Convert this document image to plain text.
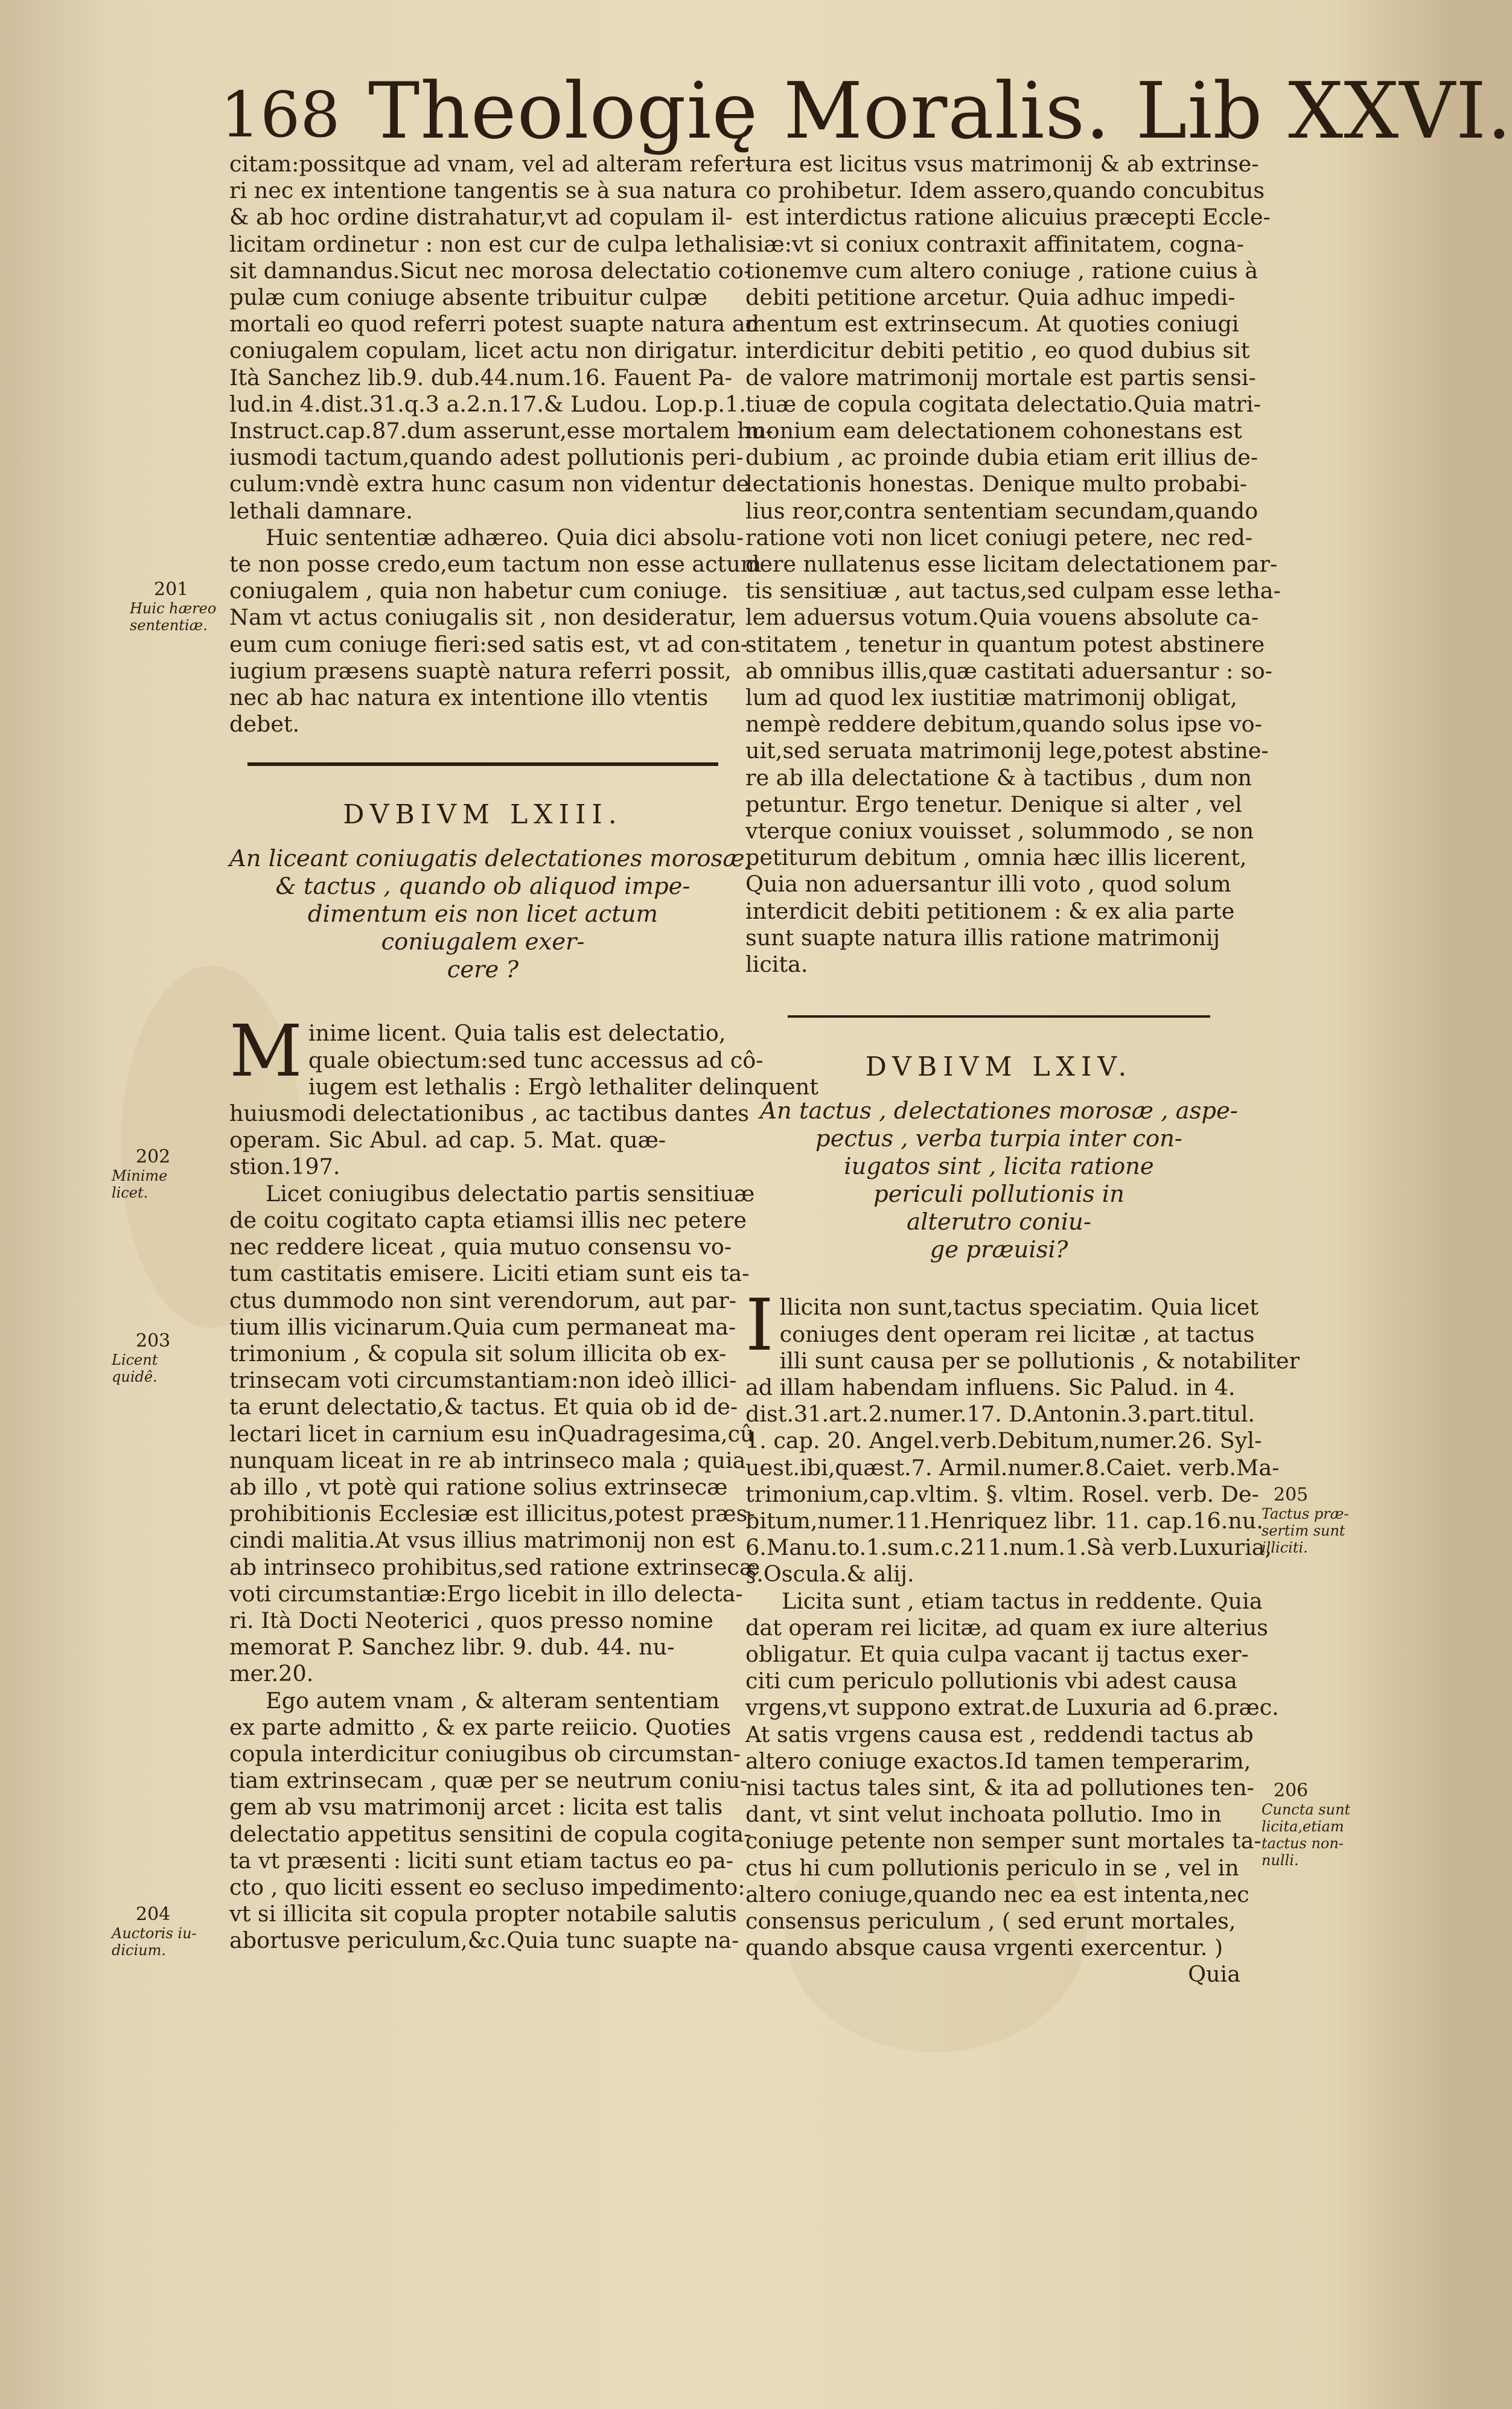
168 Theologię Moralis. Lib XXVI.
citam:possitque ad vnam, vel ad alteram refer-
ri nec ex intentione tangentis se à sua natura
& ab hoc ordine distrahatur,vt ad copulam il-
licitam ordinetur : non est cur de culpa lethali
sit damnandus.Sicut nec morosa delectatio co-
pulæ cum coniuge absente tribuitur culpæ
mortali eo quod referri potest suapte natura ad
coniugalem copulam, licet actu non dirigatur.
Ità Sanchez lib.9. dub.44.num.16. Fauent Pa-
lud.in 4.dist.31.q.3 a.2.n.17.& Ludou. Lop.p.1.
Instruct.cap.87.dum asserunt,esse mortalem hu-
iusmodi tactum,quando adest pollutionis peri-
culum:vndè extra hunc casum non videntur de
lethali damnare.
Huic sententiæ adhæreo. Quia dici absolu-
te non posse credo,eum tactum non esse actum
coniugalem , quia non habetur cum coniuge.
Nam vt actus coniugalis sit , non desideratur,
eum cum coniuge fieri:sed satis est, vt ad con-
iugium præsens suaptè natura referri possit,
nec ab hac natura ex intentione illo vtentis
debet.
DVBIVM LXIII.
An liceant coniugatis delectationes morosæ,
& tactus , quando ob aliquod impe-
dimentum eis non licet actum
coniugalem exer-
cere ?
M inime licent. Quia talis est delectatio,
quale obiectum:sed tunc accessus ad cô-
iugem est lethalis : Ergò lethaliter delinquent
huiusmodi delectationibus , ac tactibus dantes
operam. Sic Abul. ad cap. 5. Mat. quæ-
stion.197.
Licet coniugibus delectatio partis sensitiuæ
de coitu cogitato capta etiamsi illis nec petere
nec reddere liceat , quia mutuo consensu vo-
tum castitatis emisere. Liciti etiam sunt eis ta-
ctus dummodo non sint verendorum, aut par-
tium illis vicinarum.Quia cum permaneat ma-
trimonium , & copula sit solum illicita ob ex-
trinsecam voti circumstantiam:non ideò illici-
ta erunt delectatio,& tactus. Et quia ob id de-
lectari licet in carnium esu inQuadragesima,cû
nunquam liceat in re ab intrinseco mala ; quia
ab illo , vt potè qui ratione solius extrinsecæ
prohibitionis Ecclesiæ est illicitus,potest præs-
cindi malitia.At vsus illius matrimonij non est
ab intrinseco prohibitus,sed ratione extrinsecæ
voti circumstantiæ:Ergo licebit in illo delecta-
ri. Ità Docti Neoterici , quos presso nomine
memorat P. Sanchez libr. 9. dub. 44. nu-
mer.20.
Ego autem vnam , & alteram sententiam
ex parte admitto , & ex parte reiicio. Quoties
copula interdicitur coniugibus ob circumstan-
tiam extrinsecam , quæ per se neutrum coniu-
gem ab vsu matrimonij arcet : licita est talis
delectatio appetitus sensitini de copula cogita-
ta vt præsenti : liciti sunt etiam tactus eo pa-
cto , quo liciti essent eo secluso impedimento:
vt si illicita sit copula propter notabile salutis
abortusve periculum,&c.Quia tunc suapte na-
201
Huic hæreo sententiæ.
202
Minime licet.
203
Licent quidê.
204
Auctoris iu-dicium.
tura est licitus vsus matrimonij & ab extrinse-
co prohibetur. Idem assero,quando concubitus
est interdictus ratione alicuius præcepti Eccle-
siæ:vt si coniux contraxit affinitatem, cogna-
tionemve cum altero coniuge , ratione cuius à
debiti petitione arcetur. Quia adhuc impedi-
mentum est extrinsecum. At quoties coniugi
interdicitur debiti petitio , eo quod dubius sit
de valore matrimonij mortale est partis sensi-
tiuæ de copula cogitata delectatio.Quia matri-
monium eam delectationem cohonestans est
dubium , ac proinde dubia etiam erit illius de-
lectationis honestas. Denique multo probabi-
lius reor,contra sententiam secundam,quando
ratione voti non licet coniugi petere, nec red-
dere nullatenus esse licitam delectationem par-
tis sensitiuæ , aut tactus,sed culpam esse letha-
lem aduersus votum.Quia vouens absolute ca-
stitatem , tenetur in quantum potest abstinere
ab omnibus illis,quæ castitati aduersantur : so-
lum ad quod lex iustitiæ matrimonij obligat,
nempè reddere debitum,quando solus ipse vo-
uit,sed seruata matrimonij lege,potest abstine-
re ab illa delectatione & à tactibus , dum non
petuntur. Ergo tenetur. Denique si alter , vel
vterque coniux vouisset , solummodo , se non
petiturum debitum , omnia hæc illis licerent,
Quia non aduersantur illi voto , quod solum
interdicit debiti petitionem : & ex alia parte
sunt suapte natura illis ratione matrimonij
licita.
DVBIVM LXIV.
An tactus , delectationes morosæ , aspe-
pectus , verba turpia inter con-
iugatos sint , licita ratione
periculi pollutionis in
alterutro coniu-
ge præuisi?
I llicita non sunt,tactus speciatim. Quia licet
coniuges dent operam rei licitæ , at tactus
illi sunt causa per se pollutionis , & notabiliter
ad illam habendam influens. Sic Palud. in 4.
dist.31.art.2.numer.17. D.Antonin.3.part.titul.
1. cap. 20. Angel.verb.Debitum,numer.26. Syl-
uest.ibi,quæst.7. Armil.numer.8.Caiet. verb.Ma-
trimonium,cap.vltim. §. vltim. Rosel. verb. De-
bitum,numer.11.Henriquez libr. 11. cap.16.nu.
6.Manu.to.1.sum.c.211.num.1.Sà verb.Luxuria,
§.Oscula.& alij.
Licita sunt , etiam tactus in reddente. Quia
dat operam rei licitæ, ad quam ex iure alterius
obligatur. Et quia culpa vacant ij tactus exer-
citi cum periculo pollutionis vbi adest causa
vrgens,vt suppono extrat.de Luxuria ad 6.præc.
At satis vrgens causa est , reddendi tactus ab
altero coniuge exactos.Id tamen temperarim,
nisi tactus tales sint, & ita ad pollutiones ten-
dant, vt sint velut inchoata pollutio. Imo in
coniuge petente non semper sunt mortales ta-
ctus hi cum pollutionis periculo in se , vel in
altero coniuge,quando nec ea est intenta,nec
consensus periculum , ( sed erunt mortales,
quando absque causa vrgenti exercentur. )
Quia
205
Tactus præ-sertim sunt illiciti.
206
Cuncta sunt licita,etiam tactus non-nulli.
